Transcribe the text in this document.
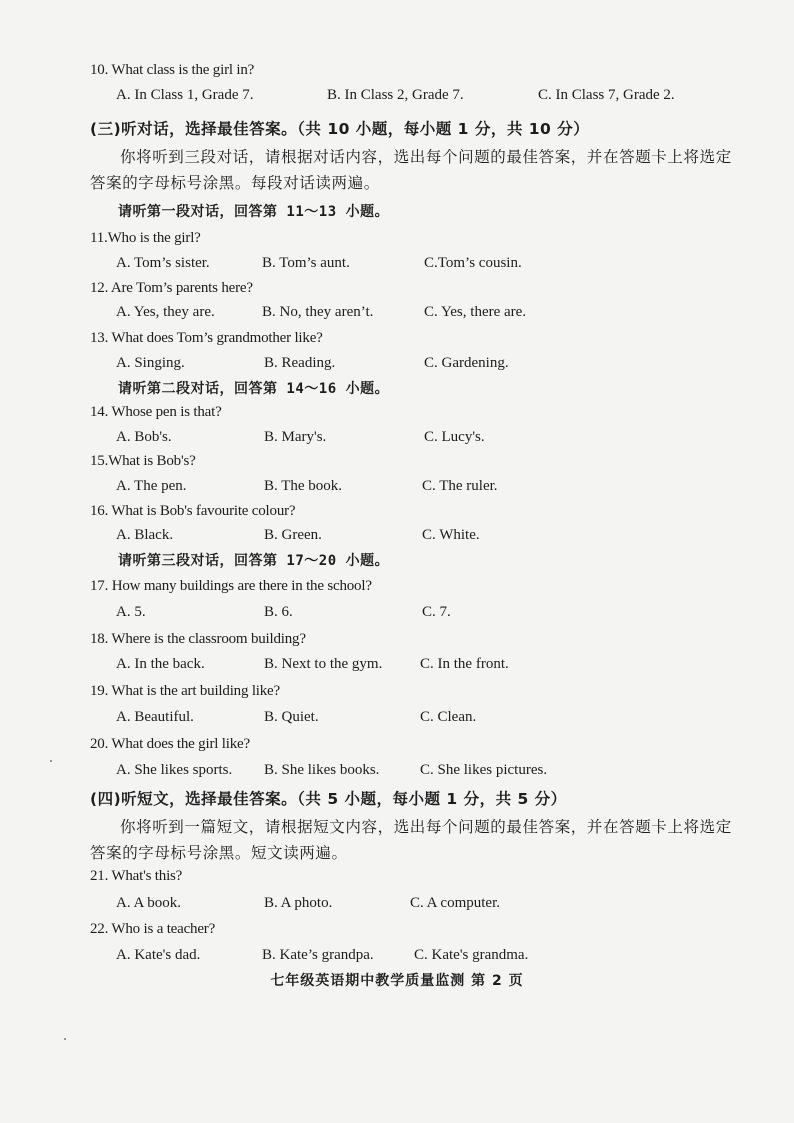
10. What class is the girl in?
A. In Class 1, Grade 7.	B. In Class 2, Grade 7.	C. In Class 7, Grade 2.
(三)听对话，选择最佳答案。（共 10 小题，每小题 1 分，共 10 分）
你将听到三段对话，请根据对话内容，选出每个问题的最佳答案，并在答题卡上将选定
答案的字母标号涂黑。每段对话读两遍。
请听第一段对话，回答第 11～13 小题。
11.Who is the girl?
A. Tom’s sister.	B. Tom’s aunt.	C.Tom’s cousin.
12. Are Tom’s parents here?
A. Yes, they are.	B. No, they aren’t.	C. Yes, there are.
13. What does Tom’s grandmother like?
A. Singing.	B. Reading.	C. Gardening.
请听第二段对话，回答第 14～16 小题。
14. Whose pen is that?
A. Bob's.	B. Mary's.	C. Lucy's.
15.What is Bob's?
A. The pen.	B. The book.	C. The ruler.
16. What is Bob's favourite colour?
A. Black.	B. Green.	C. White.
请听第三段对话，回答第 17～20 小题。
17. How many buildings are there in the school?
A. 5.	B. 6.	C. 7.
18. Where is the classroom building?
A. In the back.	B. Next to the gym.	C. In the front.
19. What is the art building like?
A. Beautiful.	B. Quiet.	C. Clean.
20. What does the girl like?
A. She likes sports. B. She likes books.	C. She likes pictures.
(四)听短文，选择最佳答案。（共 5 小题，每小题 1 分，共 5 分）
你将听到一篇短文，请根据短文内容，选出每个问题的最佳答案，并在答题卡上将选定
答案的字母标号涂黑。短文读两遍。
21. What's this?
A. A book.	B. A photo.	C. A computer.
22. Who is a teacher?
A. Kate's dad.	B. Kate’s grandpa.	C. Kate's grandma.
七年级英语期中教学质量监测 第 2 页
